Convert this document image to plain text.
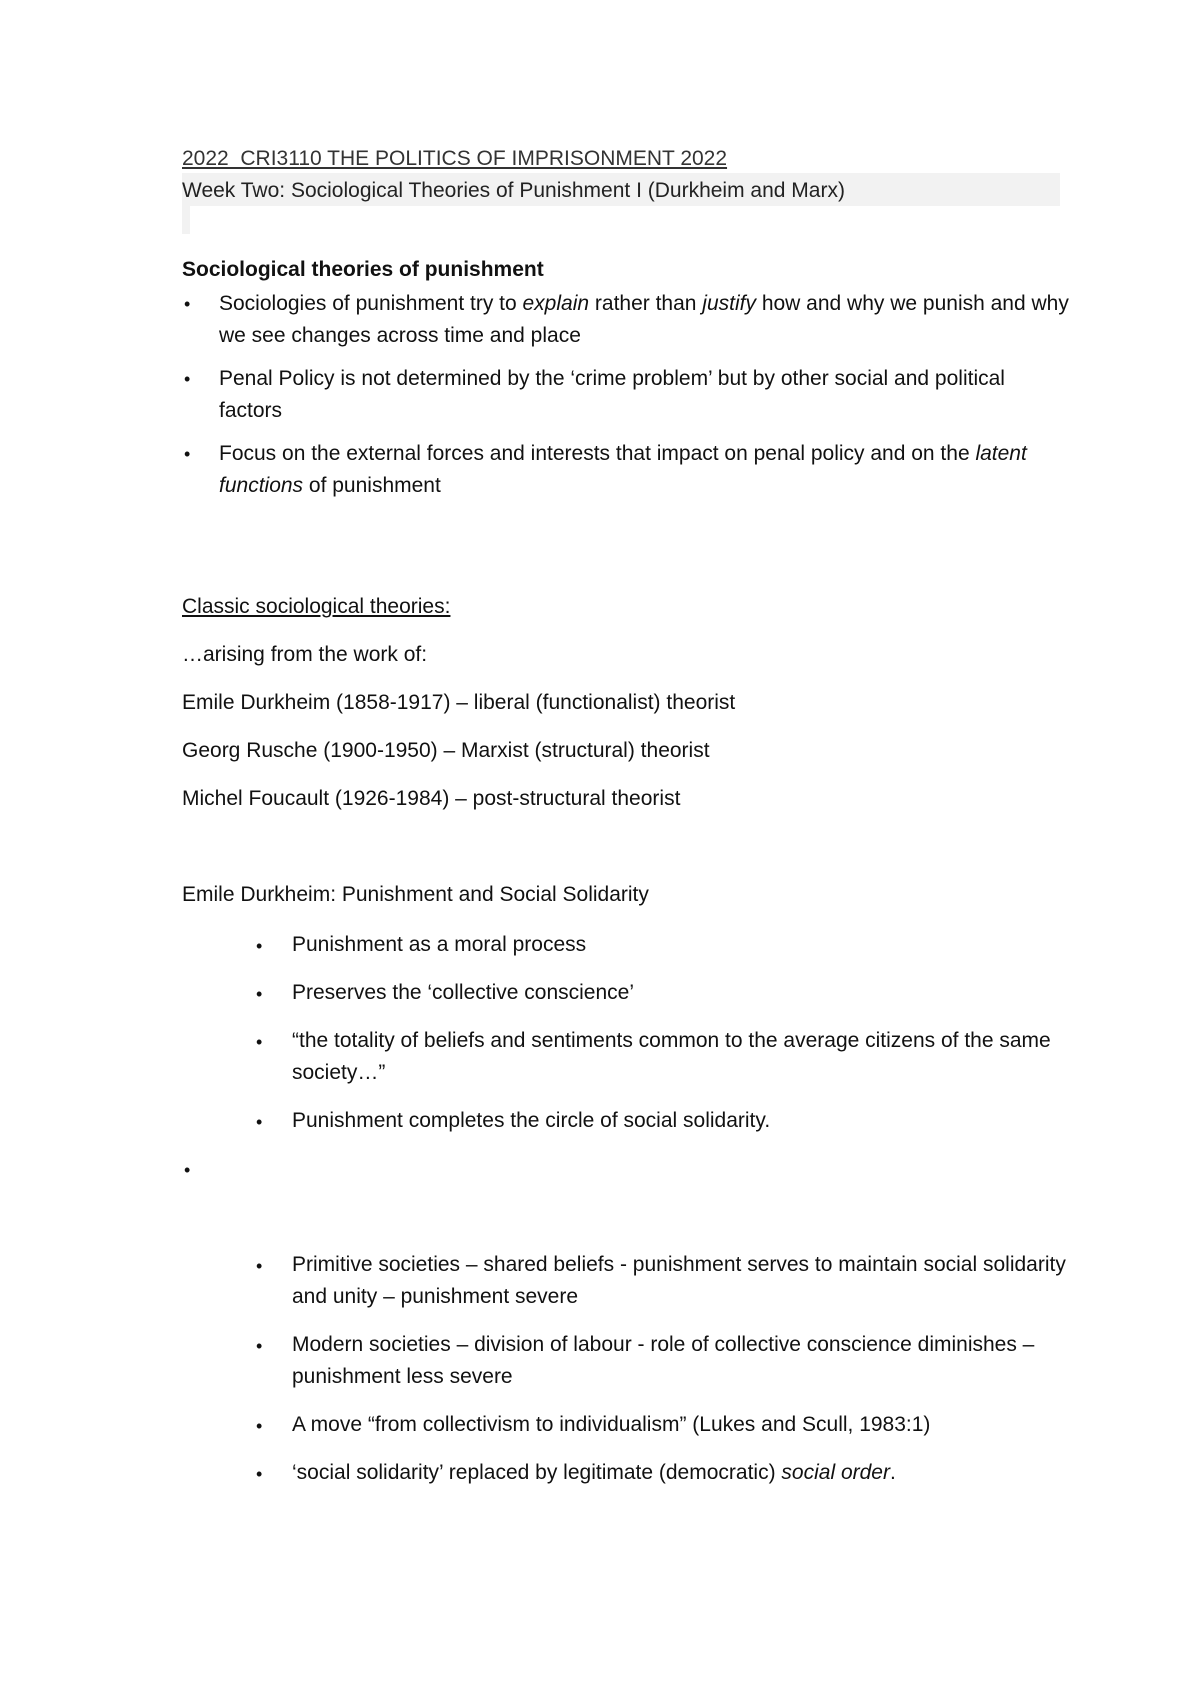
2022_CRI3110 THE POLITICS OF IMPRISONMENT 2022
Week Two: Sociological Theories of Punishment I (Durkheim and Marx)
Sociological theories of punishment
• Sociologies of punishment try to explain rather than justify how and why we punish and why we see changes across time and place
• Penal Policy is not determined by the ‘crime problem’ but by other social and political factors
• Focus on the external forces and interests that impact on penal policy and on the latent functions of punishment
Classic sociological theories:
…arising from the work of:
Emile Durkheim (1858-1917) – liberal (functionalist) theorist
Georg Rusche (1900-1950) – Marxist (structural) theorist
Michel Foucault (1926-1984) – post-structural theorist
Emile Durkheim: Punishment and Social Solidarity
• Punishment as a moral process
• Preserves the ‘collective conscience’
• “the totality of beliefs and sentiments common to the average citizens of the same society…”
• Punishment completes the circle of social solidarity.
•
• Primitive societies – shared beliefs - punishment serves to maintain social solidarity and unity – punishment severe
• Modern societies – division of labour - role of collective conscience diminishes – punishment less severe
• A move “from collectivism to individualism” (Lukes and Scull, 1983:1)
• ‘social solidarity’ replaced by legitimate (democratic) social order.
